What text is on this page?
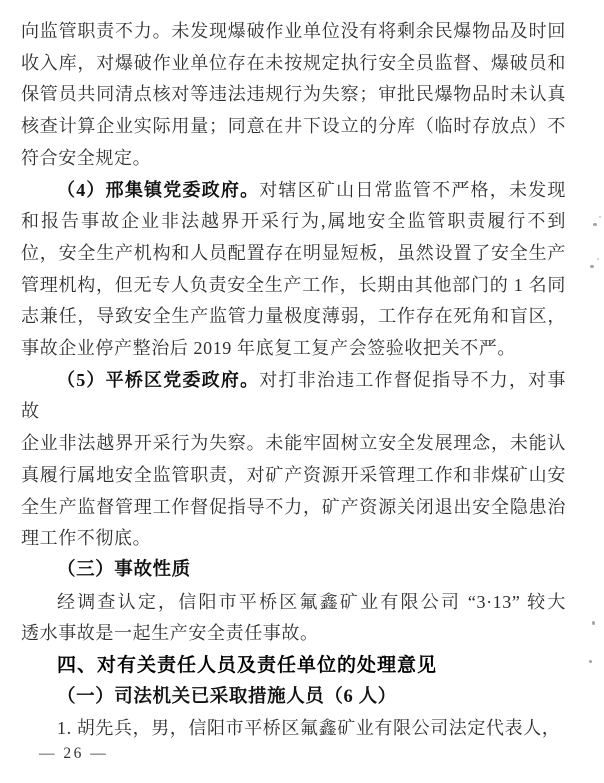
向监管职责不力。未发现爆破作业单位没有将剩余民爆物品及时回
收入库，对爆破作业单位存在未按规定执行安全员监督、爆破员和
保管员共同清点核对等违法违规行为失察；审批民爆物品时未认真
核查计算企业实际用量；同意在井下设立的分库（临时存放点）不
符合安全规定。
（4）邢集镇党委政府。对辖区矿山日常监管不严格，未发现
和报告事故企业非法越界开采行为,属地安全监管职责履行不到
位，安全生产机构和人员配置存在明显短板，虽然设置了安全生产
管理机构，但无专人负责安全生产工作，长期由其他部门的 1 名同
志兼任，导致安全生产监管力量极度薄弱，工作存在死角和盲区，
事故企业停产整治后 2019 年底复工复产会签验收把关不严。
（5）平桥区党委政府。对打非治违工作督促指导不力，对事故
企业非法越界开采行为失察。未能牢固树立安全发展理念，未能认
真履行属地安全监管职责，对矿产资源开采管理工作和非煤矿山安
全生产监督管理工作督促指导不力，矿产资源关闭退出安全隐患治
理工作不彻底。
（三）事故性质
经调查认定，信阳市平桥区氟鑫矿业有限公司 “3·13” 较大
透水事故是一起生产安全责任事故。
四、对有关责任人员及责任单位的处理意见
（一）司法机关已采取措施人员（6 人）
1. 胡先兵，男，信阳市平桥区氟鑫矿业有限公司法定代表人，
— 26 —
